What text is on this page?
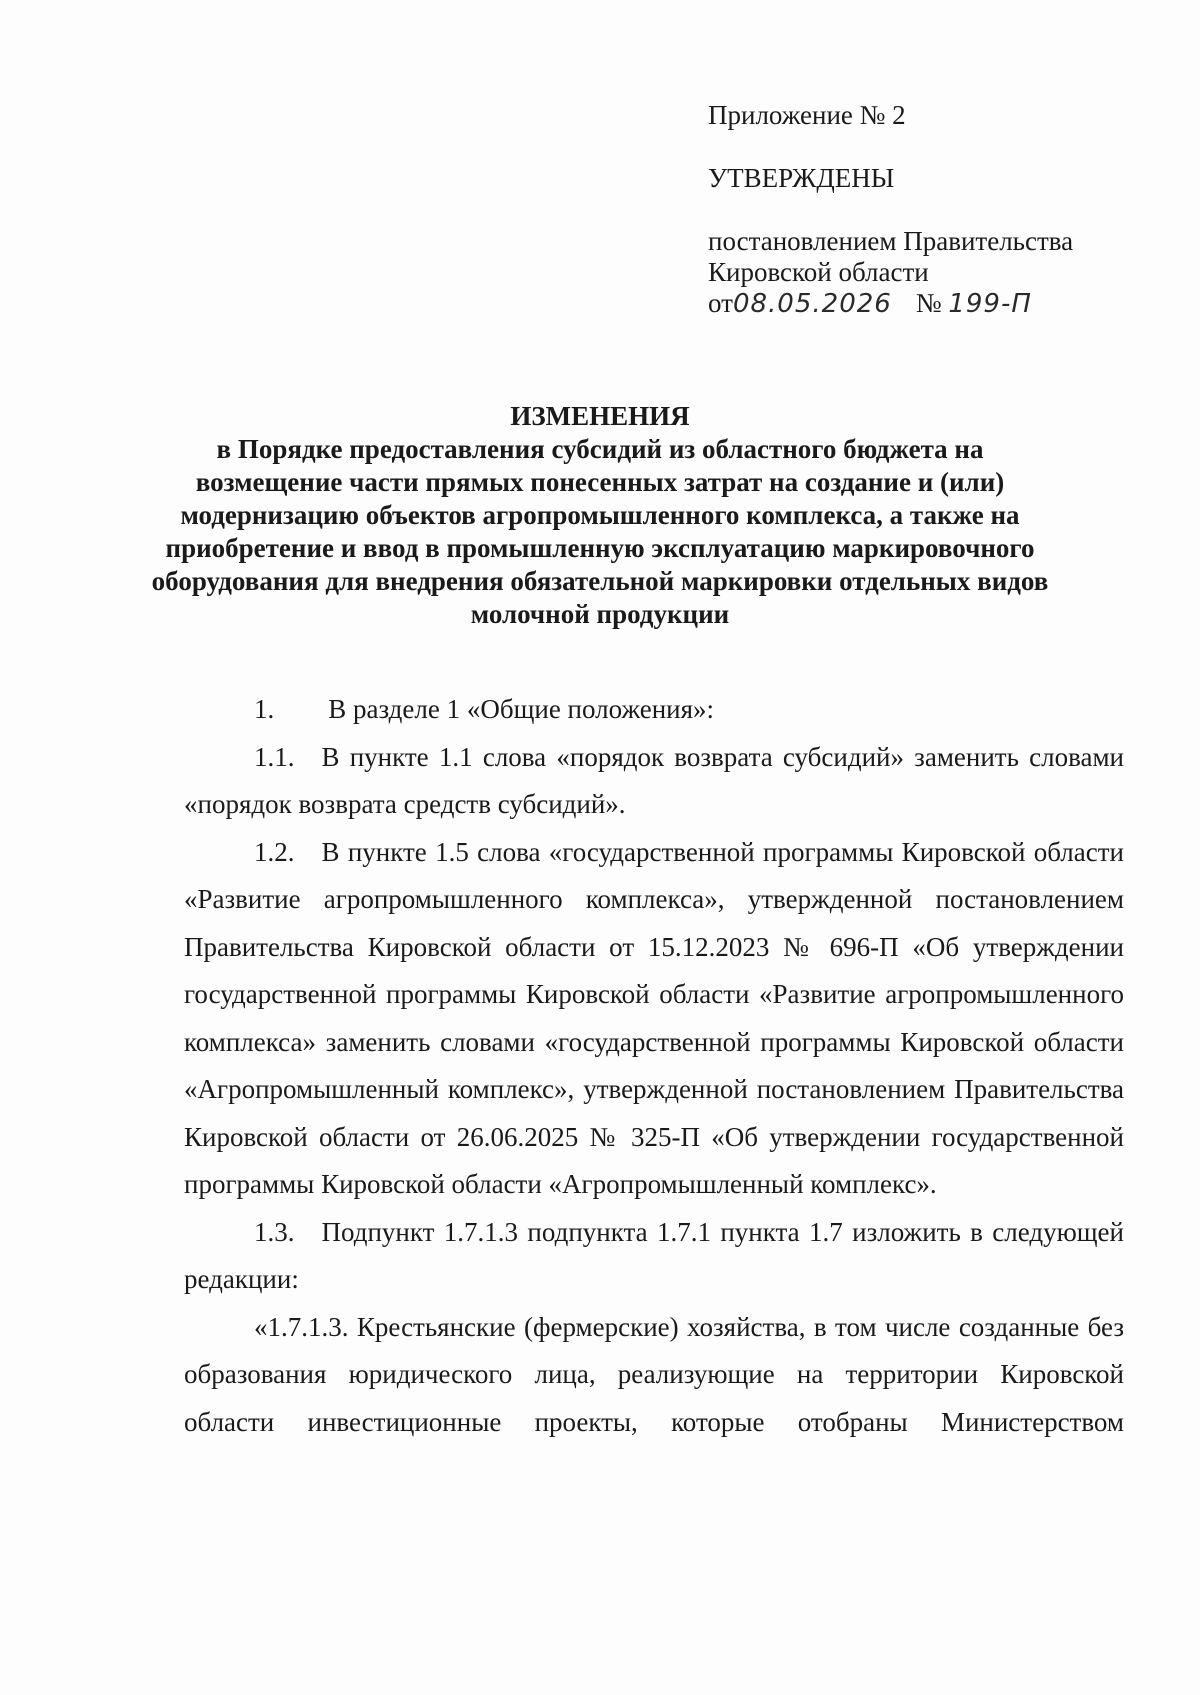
Приложение № 2
УТВЕРЖДЕНЫ
постановлением Правительства
Кировской области
от08.05.2026 № 199-П
ИЗМЕНЕНИЯ
в Порядке предоставления субсидий из областного бюджета на возмещение части прямых понесенных затрат на создание и (или) модернизацию объектов агропромышленного комплекса, а также на приобретение и ввод в промышленную эксплуатацию маркировочного оборудования для внедрения обязательной маркировки отдельных видов молочной продукции

1.  В разделе 1 «Общие положения»:

1.1. В пункте 1.1 слова «порядок возврата субсидий» заменить словами «порядок возврата средств субсидий».

1.2. В пункте 1.5 слова «государственной программы Кировской области «Развитие агропромышленного комплекса», утвержденной постановлением Правительства Кировской области от 15.12.2023 № 696-П «Об утверждении государственной программы Кировской области «Развитие агропромышленного комплекса» заменить словами «государственной программы Кировской области «Агропромышленный комплекс», утвержденной постановлением Правительства Кировской области от 26.06.2025 № 325-П «Об утверждении государственной программы Кировской области «Агропромышленный комплекс».

1.3. Подпункт 1.7.1.3 подпункта 1.7.1 пункта 1.7 изложить в следующей редакции:

«1.7.1.3. Крестьянские (фермерские) хозяйства, в том числе созданные без образования юридического лица, реализующие на территории Кировской области инвестиционные проекты, которые отобраны Министерством
